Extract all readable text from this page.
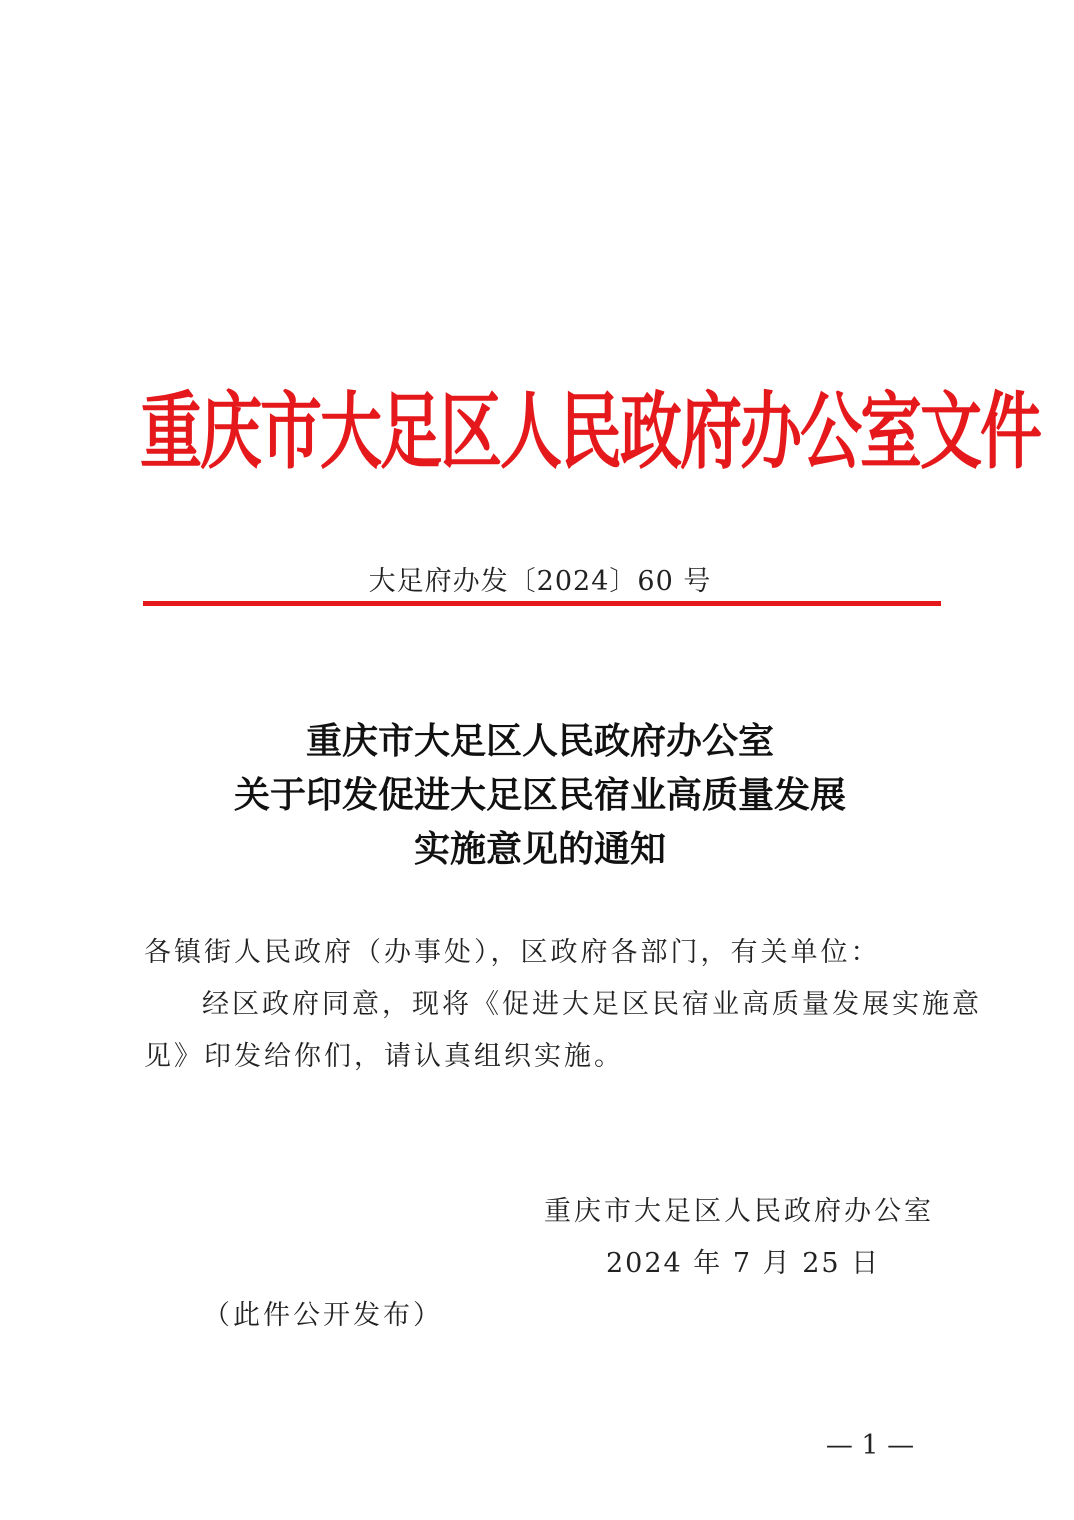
重庆市大足区人民政府办公室文件
大足府办发〔2024〕60 号
重庆市大足区人民政府办公室
关于印发促进大足区民宿业高质量发展
实施意见的通知
各镇街人民政府（办事处），区政府各部门，有关单位：
经区政府同意，现将《促进大足区民宿业高质量发展实施意
见》印发给你们，请认真组织实施。
重庆市大足区人民政府办公室
2024 年 7 月 25 日
（此件公开发布）
— 1 —
